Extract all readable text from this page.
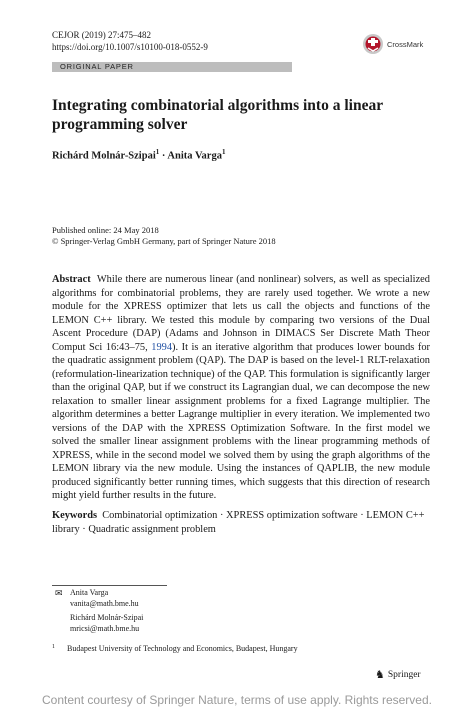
CEJOR (2019) 27:475–482
https://doi.org/10.1007/s10100-018-0552-9	CrossMark
ORIGINAL PAPER
Integrating combinatorial algorithms into a linear programming solver
Richárd Molnár-Szipai$^1$ · Anita Varga$^1$
Published online: 24 May 2018
© Springer-Verlag GmbH Germany, part of Springer Nature 2018
Abstract While there are numerous linear (and nonlinear) solvers, as well as specialized algorithms for combinatorial problems, they are rarely used together. We wrote a new module for the XPRESS optimizer that lets us call the objects and functions of the LEMON C++ library. We tested this module by comparing two versions of the Dual Ascent Procedure (DAP) (Adams and Johnson in DIMACS Ser Discrete Math Theor Comput Sci 16:43–75, 1994). It is an iterative algorithm that produces lower bounds for the quadratic assignment problem (QAP). The DAP is based on the level-1 RLT-relaxation (reformulation-linearization technique) of the QAP. This formulation is significantly larger than the original QAP, but if we construct its Lagrangian dual, we can decompose the new relaxation to smaller linear assignment problems for a fixed Lagrange multiplier. The algorithm determines a better Lagrange multiplier in every iteration. We implemented two versions of the DAP with the XPRESS Optimization Software. In the first model we solved the smaller linear assignment problems with the linear programming methods of XPRESS, while in the second model we solved them by using the graph algorithms of the LEMON library via the new module. Using the instances of QAPLIB, the new module produced significantly better running times, which suggests that this direction of research might yield further results in the future.
Keywords Combinatorial optimization · XPRESS optimization software · LEMON C++ library · Quadratic assignment problem
✉ Anita Varga
vanita@math.bme.hu
Richárd Molnár-Szipai
mricsi@math.bme.hu
$^1$ Budapest University of Technology and Economics, Budapest, Hungary
♞ Springer
Content courtesy of Springer Nature, terms of use apply. Rights reserved.
